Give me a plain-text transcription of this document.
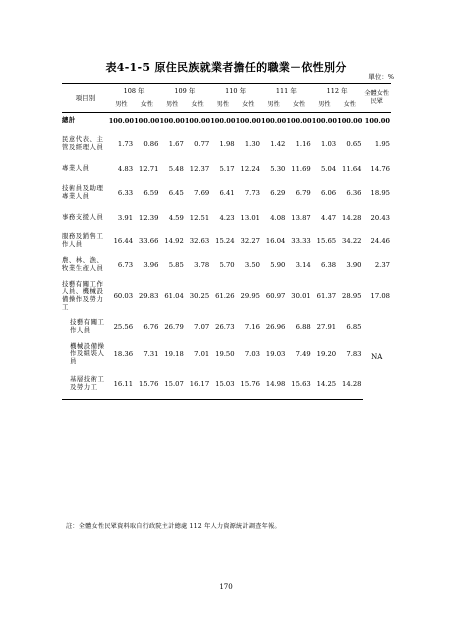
表4-1-5 原住民族就業者擔任的職業－依性別分
單位：%
項目別	108 年		109 年		110 年		111 年		112 年		全體女性民眾
	男性	女性	男性	女性	男性	女性	男性	女性	男性	女性	
總計	100.00	100.00	100.00	100.00	100.00	100.00	100.00	100.00	100.00	100.00	100.00
民意代表、主管及經理人員	1.73	0.86	1.67	0.77	1.98	1.30	1.42	1.16	1.03	0.65	1.95
專業人員	4.83	12.71	5.48	12.37	5.17	12.24	5.30	11.69	5.04	11.64	14.76
技術員及助理專業人員	6.33	6.59	6.45	7.69	6.41	7.73	6.29	6.79	6.06	6.36	18.95
事務支援人員	3.91	12.39	4.59	12.51	4.23	13.01	4.08	13.87	4.47	14.28	20.43
服務及銷售工作人員	16.44	33.66	14.92	32.63	15.24	32.27	16.04	33.33	15.65	34.22	24.46
農、林、漁、牧業生產人員	6.73	3.96	5.85	3.78	5.70	3.50	5.90	3.14	6.38	3.90	2.37
技藝有關工作人員、機械設備操作及勞力工	60.03	29.83	61.04	30.25	61.26	29.95	60.97	30.01	61.37	28.95	17.08
技藝有關工作人員	25.56	6.76	26.79	7.07	26.73	7.16	26.96	6.88	27.91	6.85	NA
機械設備操作及組裝人員	18.36	7.31	19.18	7.01	19.50	7.03	19.03	7.49	19.20	7.83	
基層技術工及勞力工	16.11	15.76	15.07	16.17	15.03	15.76	14.98	15.63	14.25	14.28	
註：全體女性民眾資料取自行政院主計總處 112 年人力資源統計調查年報。
170
